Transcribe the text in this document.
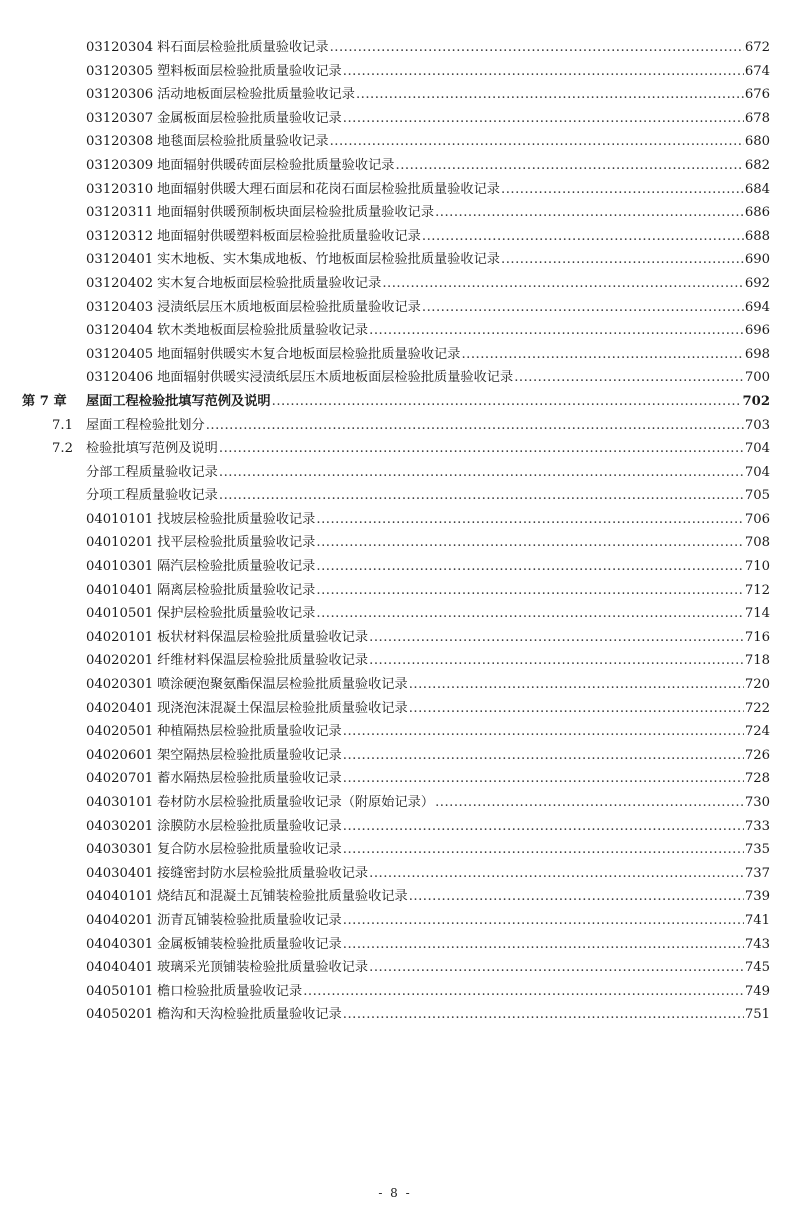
03120304 料石面层检验批质量验收记录 .....	672
03120305 塑料板面层检验批质量验收记录 .....	674
03120306 活动地板面层检验批质量验收记录 .....	676
03120307 金属板面层检验批质量验收记录 .....	678
03120308 地毯面层检验批质量验收记录 .....	680
03120309 地面辐射供暖砖面层检验批质量验收记录 .....	682
03120310 地面辐射供暖大理石面层和花岗石面层检验批质量验收记录 .....	684
03120311 地面辐射供暖预制板块面层检验批质量验收记录 .....	686
03120312 地面辐射供暖塑料板面层检验批质量验收记录 .....	688
03120401 实木地板、实木集成地板、竹地板面层检验批质量验收记录 .....	690
03120402 实木复合地板面层检验批质量验收记录 .....	692
03120403 浸渍纸层压木质地板面层检验批质量验收记录 .....	694
03120404 软木类地板面层检验批质量验收记录 .....	696
03120405 地面辐射供暖实木复合地板面层检验批质量验收记录 .....	698
03120406 地面辐射供暖实浸渍纸层压木质地板面层检验批质量验收记录 .....	700
第 7 章	屋面工程检验批填写范例及说明 .....	702
7.1 屋面工程检验批划分 .....	703
7.2 检验批填写范例及说明 .....	704
分部工程质量验收记录 .....	704
分项工程质量验收记录 .....	705
04010101 找坡层检验批质量验收记录 .....	706
04010201 找平层检验批质量验收记录 .....	708
04010301 隔汽层检验批质量验收记录 .....	710
04010401 隔离层检验批质量验收记录 .....	712
04010501 保护层检验批质量验收记录 .....	714
04020101 板状材料保温层检验批质量验收记录 .....	716
04020201 纤维材料保温层检验批质量验收记录 .....	718
04020301 喷涂硬泡聚氨酯保温层检验批质量验收记录 .....	720
04020401 现浇泡沫混凝土保温层检验批质量验收记录 .....	722
04020501 种植隔热层检验批质量验收记录 .....	724
04020601 架空隔热层检验批质量验收记录 .....	726
04020701 蓄水隔热层检验批质量验收记录 .....	728
04030101 卷材防水层检验批质量验收记录（附原始记录） .....	730
04030201 涂膜防水层检验批质量验收记录 .....	733
04030301 复合防水层检验批质量验收记录 .....	735
04030401 接缝密封防水层检验批质量验收记录 .....	737
04040101 烧结瓦和混凝土瓦铺装检验批质量验收记录 .....	739
04040201 沥青瓦铺装检验批质量验收记录 .....	741
04040301 金属板铺装检验批质量验收记录 .....	743
04040401 玻璃采光顶铺装检验批质量验收记录 .....	745
04050101 檐口检验批质量验收记录 .....	749
04050201 檐沟和天沟检验批质量验收记录 .....	751
- 8 -
